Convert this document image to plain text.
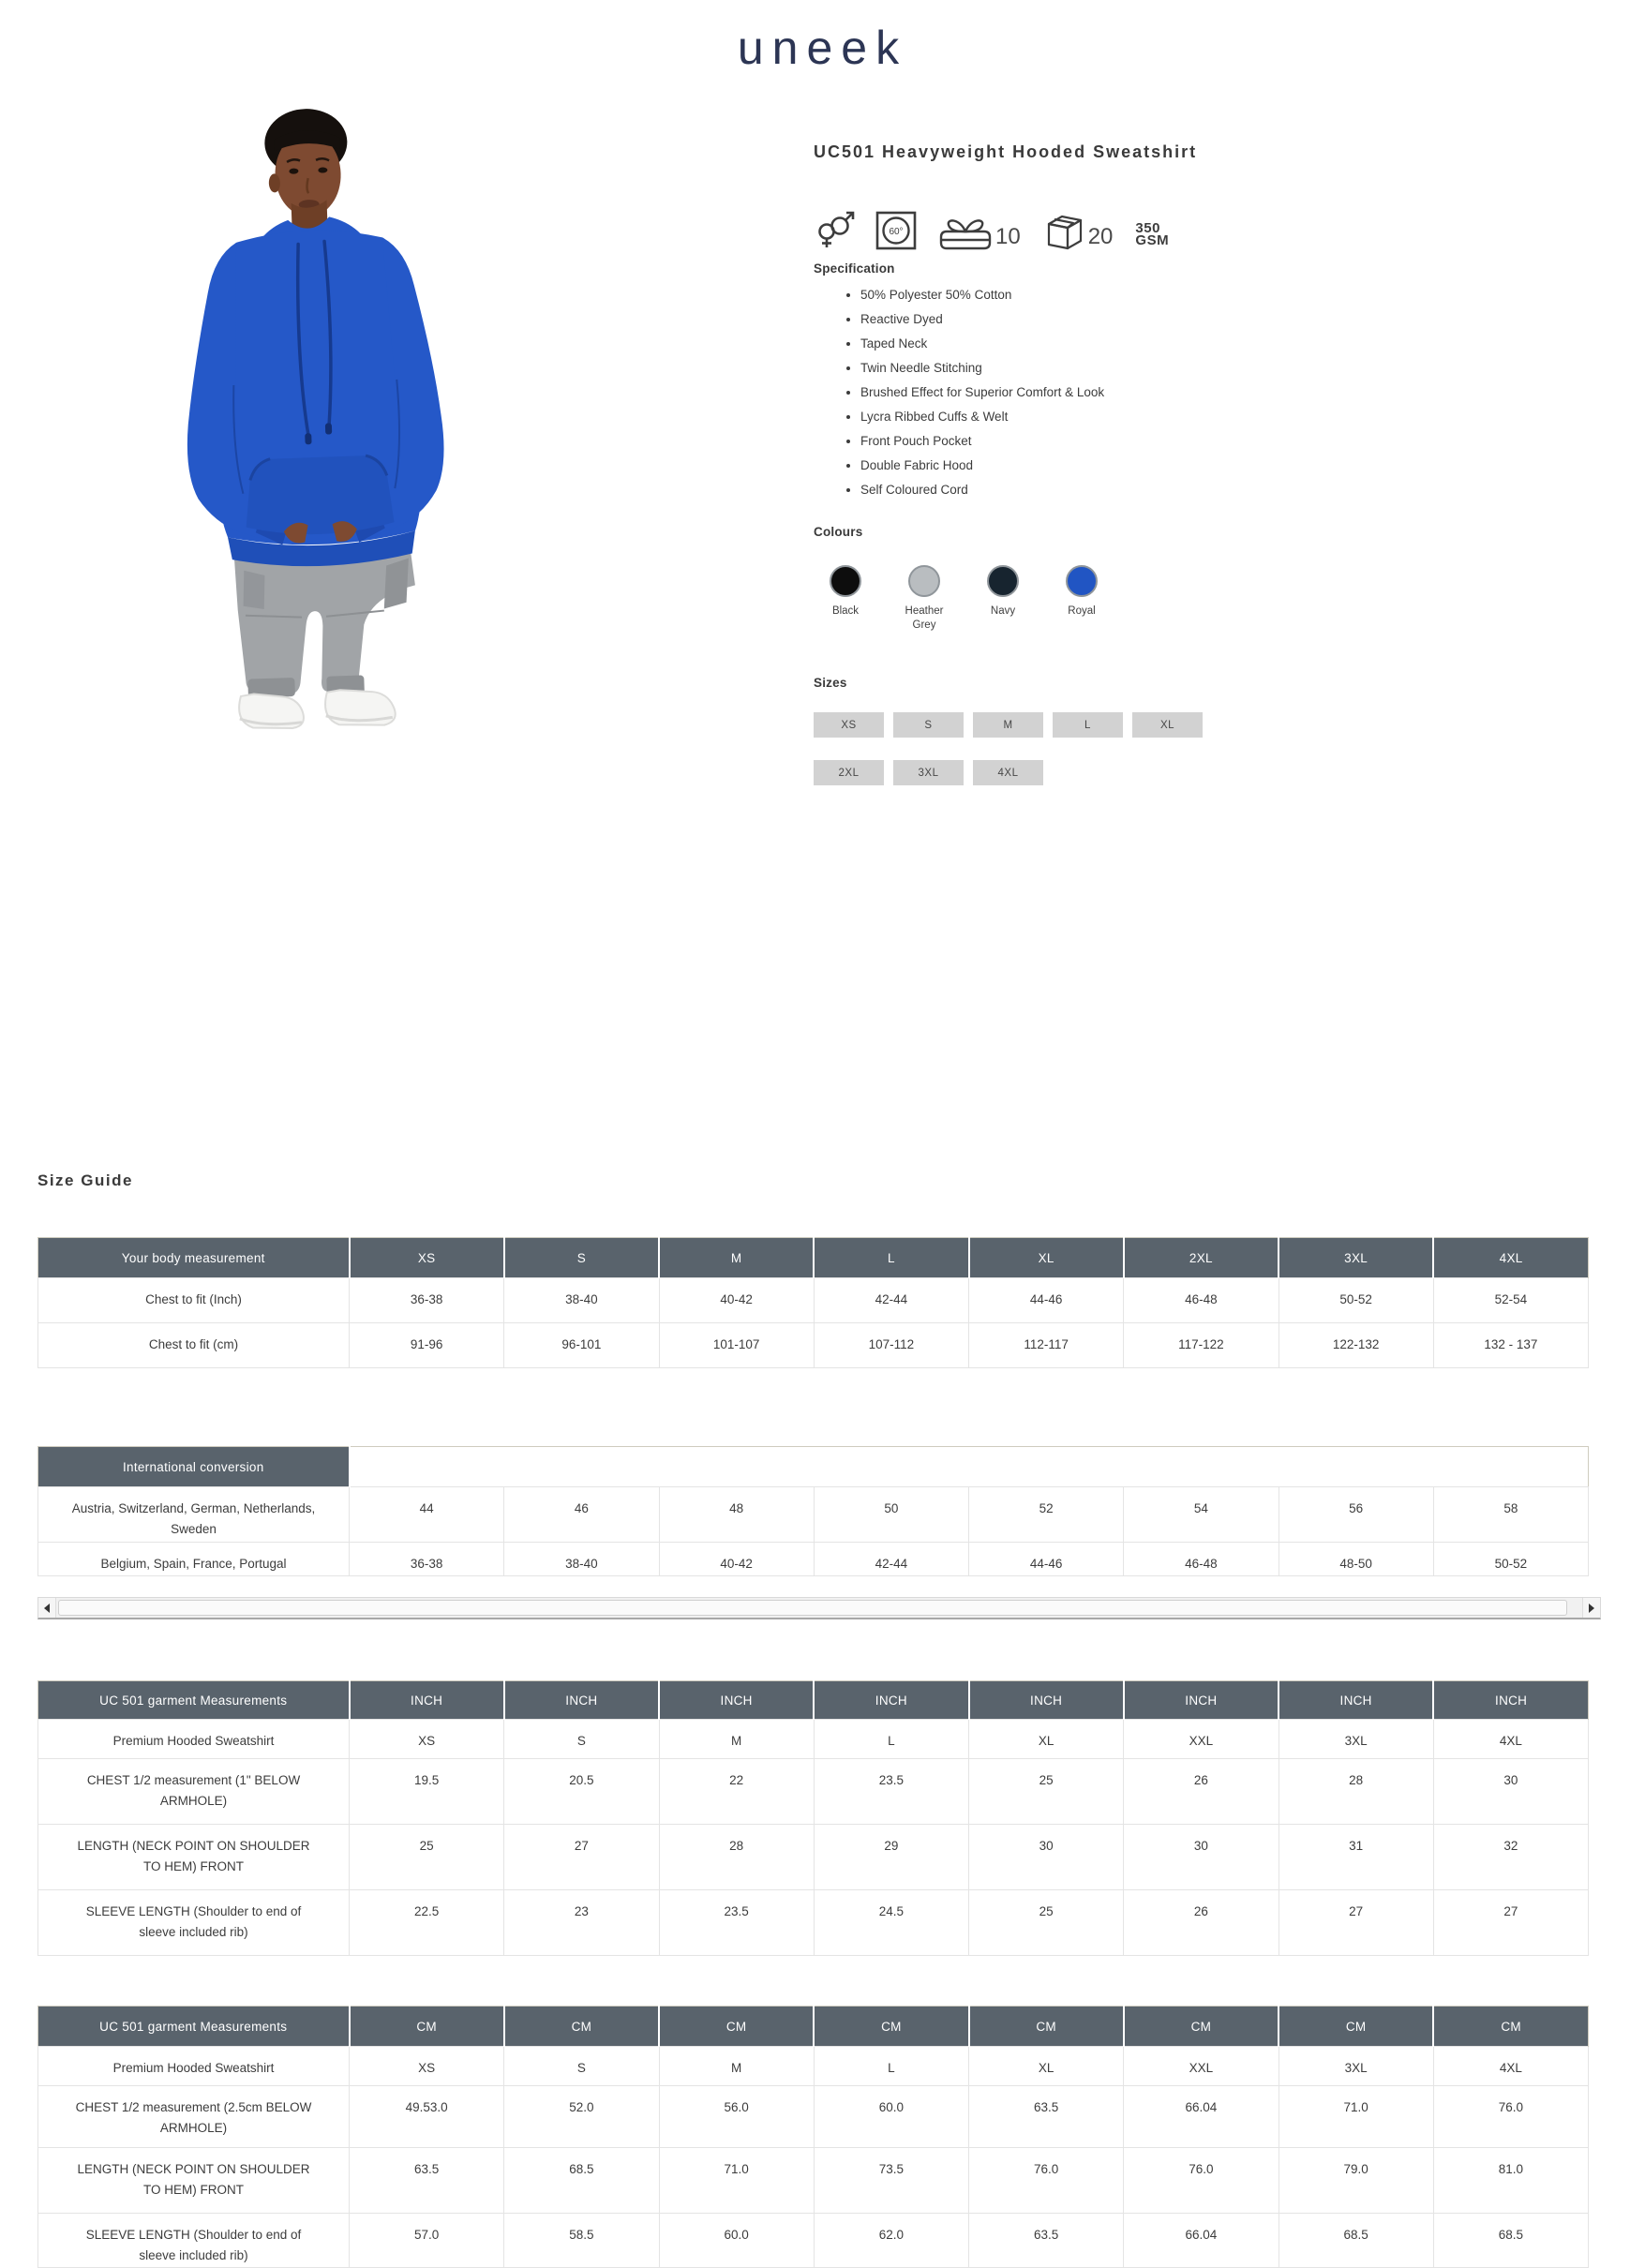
uneek
UC501 Heavyweight Hooded Sweatshirt
60°	10	20 350
GSM
Specification
• 50% Polyester 50% Cotton
• Reactive Dyed
• Taped Neck
• Twin Needle Stitching
• Brushed Effect for Superior Comfort & Look
• Lycra Ribbed Cuffs & Welt
• Front Pouch Pocket
• Double Fabric Hood
• Self Coloured Cord
Colours
Black	Heather Grey
Navy	Royal
Sizes
XS	S	M	L	XL
2XL	3XL	4XL
Size Guide
Your body measurement	XS	S	M	L	XL	2XL	3XL	4XL
Chest to fit (Inch)	36-38	38-40	40-42	42-44	44-46	46-48	50-52	52-54
Chest to fit (cm)	91-96	96-101	101-107	107-112	112-117	117-122	122-132	132 - 137
International conversion								
Austria, Switzerland, German, Netherlands, Sweden	44	46	48	50	52	54	56	58
Belgium, Spain, France, Portugal	36-38	38-40	40-42	42-44	44-46	46-48	48-50	50-52
UC 501 garment Measurements	INCH	INCH	INCH	INCH	INCH	INCH	INCH	INCH
Premium Hooded Sweatshirt	XS	S	M	L	XL	XXL	3XL	4XL
CHEST 1/2 measurement (1" BELOW ARMHOLE)	19.5	20.5	22	23.5	25	26	28	30
LENGTH (NECK POINT ON SHOULDER TO HEM) FRONT	25	27	28	29	30	30	31	32
SLEEVE LENGTH (Shoulder to end of sleeve included rib)	22.5	23	23.5	24.5	25	26	27	27
UC 501 garment Measurements	CM	CM	CM	CM	CM	CM	CM	CM
Premium Hooded Sweatshirt	XS	S	M	L	XL	XXL	3XL	4XL
CHEST 1/2 measurement (2.5cm BELOW ARMHOLE)	49.53.0	52.0	56.0	60.0	63.5	66.04	71.0	76.0
LENGTH (NECK POINT ON SHOULDER TO HEM) FRONT	63.5	68.5	71.0	73.5	76.0	76.0	79.0	81.0
SLEEVE LENGTH (Shoulder to end of sleeve included rib)	57.0	58.5	60.0	62.0	63.5	66.04	68.5	68.5
